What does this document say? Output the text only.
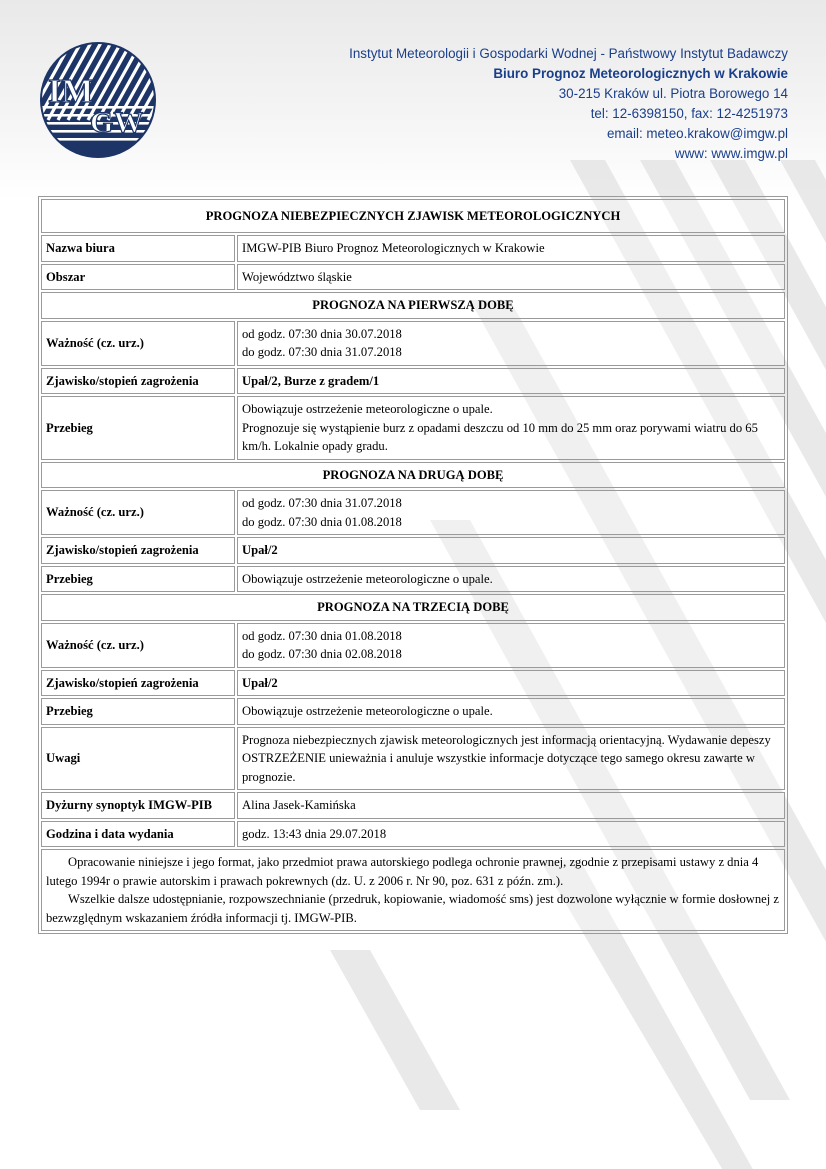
IM
GW
Instytut Meteorologii i Gospodarki Wodnej - Państwowy Instytut Badawczy
Biuro Prognoz Meteorologicznych w Krakowie
30-215 Kraków ul. Piotra Borowego 14
tel: 12-6398150, fax: 12-4251973
email: meteo.krakow@imgw.pl
www: www.imgw.pl
PROGNOZA NIEBEZPIECZNYCH ZJAWISK METEOROLOGICZNYCH	
Nazwa biura	IMGW-PIB Biuro Prognoz Meteorologicznych w Krakowie
Obszar	Województwo śląskie
PROGNOZA NA PIERWSZĄ DOBĘ	
Ważność (cz. urz.)	od godz. 07:30 dnia 30.07.2018
do godz. 07:30 dnia 31.07.2018

Zjawisko/stopień zagrożenia	Upał/2, Burze z gradem/1
Przebieg	Obowiązuje ostrzeżenie meteorologiczne o upale.
Prognozuje się wystąpienie burz z opadami deszczu od 10 mm do 25 mm oraz porywami wiatru do 65 km/h. Lokalnie opady gradu.

PROGNOZA NA DRUGĄ DOBĘ	
Ważność (cz. urz.)	od godz. 07:30 dnia 31.07.2018
do godz. 07:30 dnia 01.08.2018

Zjawisko/stopień zagrożenia	Upał/2
Przebieg	Obowiązuje ostrzeżenie meteorologiczne o upale.
PROGNOZA NA TRZECIĄ DOBĘ	
Ważność (cz. urz.)	od godz. 07:30 dnia 01.08.2018
do godz. 07:30 dnia 02.08.2018

Zjawisko/stopień zagrożenia	Upał/2
Przebieg	Obowiązuje ostrzeżenie meteorologiczne o upale.
Uwagi	Prognoza niebezpiecznych zjawisk meteorologicznych jest informacją orientacyjną. Wydawanie depeszy OSTRZEŻENIE unieważnia i anuluje wszystkie informacje dotyczące tego samego okresu zawarte w prognozie.
Dyżurny synoptyk IMGW-PIB	Alina Jasek-Kamińska
Godzina i data wydania	godz. 13:43 dnia 29.07.2018

Opracowanie niniejsze i jego format, jako przedmiot prawa autorskiego podlega ochronie prawnej, zgodnie z przepisami ustawy z dnia 4 lutego 1994r o prawie autorskim i prawach pokrewnych (dz. U. z 2006 r. Nr 90, poz. 631 z późn. zm.).

Wszelkie dalsze udostępnianie, rozpowszechnianie (przedruk, kopiowanie, wiadomość sms) jest dozwolone wyłącznie w formie dosłownej z bezwzględnym wskazaniem źródła informacji tj. IMGW-PIB.	
